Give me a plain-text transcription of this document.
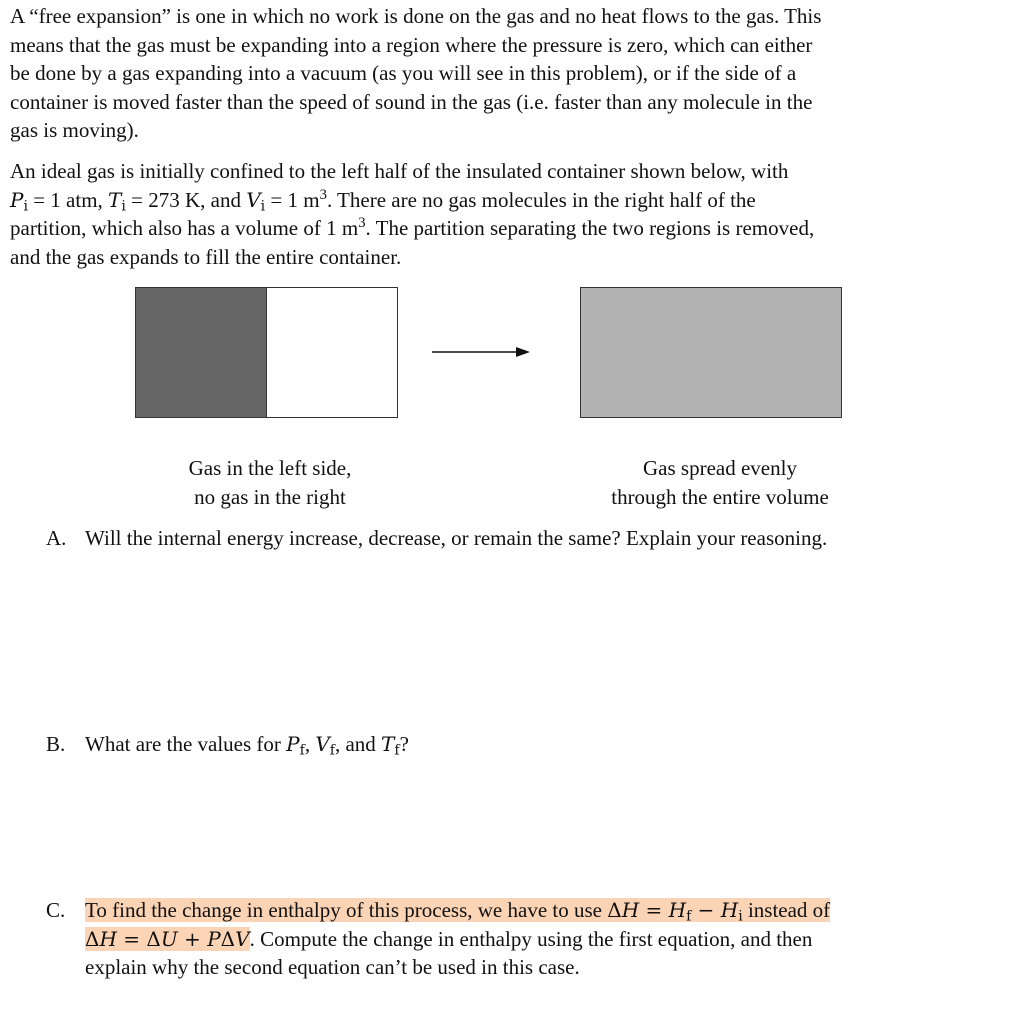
A “free expansion” is one in which no work is done on the gas and no heat flows to the gas. This
means that the gas must be expanding into a region where the pressure is zero, which can either
be done by a gas expanding into a vacuum (as you will see in this problem), or if the side of a
container is moved faster than the speed of sound in the gas (i.e. faster than any molecule in the
gas is moving).
An ideal gas is initially confined to the left half of the insulated container shown below, with
$P_i = 1$ atm, $T_i = 273$ K, and $V_i = 1$ $m^3$. There are no gas molecules in the right half of the
partition, which also has a volume of 1 $m^3$. The partition separating the two regions is removed,
and the gas expands to fill the entire container.
Gas in the left side,
no gas in the right
Gas spread evenly
through the entire volume
A. Will the internal energy increase, decrease, or remain the same? Explain your reasoning.
B. What are the values for $P_f$, $V_f$, and $T_f$?
C. To find the change in enthalpy of this process, we have to use $\Delta H = H_f - H_i$ instead of
ΔH = ΔU + PΔV. Compute the change in enthalpy using the first equation, and then
explain why the second equation can’t be used in this case.
